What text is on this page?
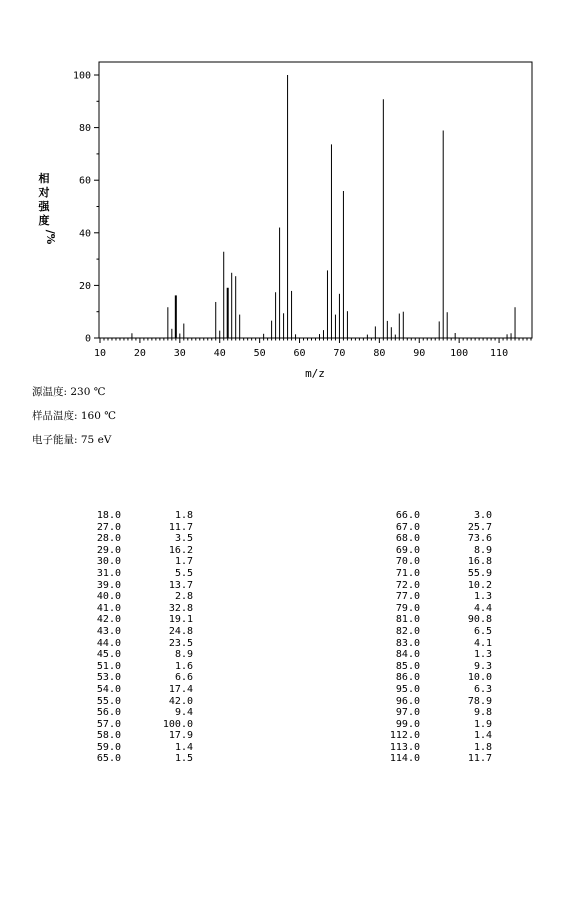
10	20	30	40	50	60	70	80	90 100 110
0
20
40
60
80
100
m/z
相对强度
/%
源温度: 230 ℃
样品温度: 160 ℃
电子能量: 75 eV
18.0	1.8
27.0	11.7
28.0	3.5
29.0	16.2
30.0	1.7
31.0	5.5
39.0	13.7
40.0	2.8
41.0	32.8
42.0	19.1
43.0	24.8
44.0	23.5
45.0	8.9
51.0	1.6
53.0	6.6
54.0	17.4
55.0	42.0
56.0	9.4
57.0	100.0
58.0	17.9
59.0	1.4
65.0	1.5
66.0	3.0
67.0	25.7
68.0	73.6
69.0	8.9
70.0	16.8
71.0	55.9
72.0	10.2
77.0	1.3
79.0	4.4
81.0	90.8
82.0	6.5
83.0	4.1
84.0	1.3
85.0	9.3
86.0	10.0
95.0	6.3
96.0	78.9
97.0	9.8
99.0	1.9
112.0	1.4
113.0	1.8
114.0	11.7
